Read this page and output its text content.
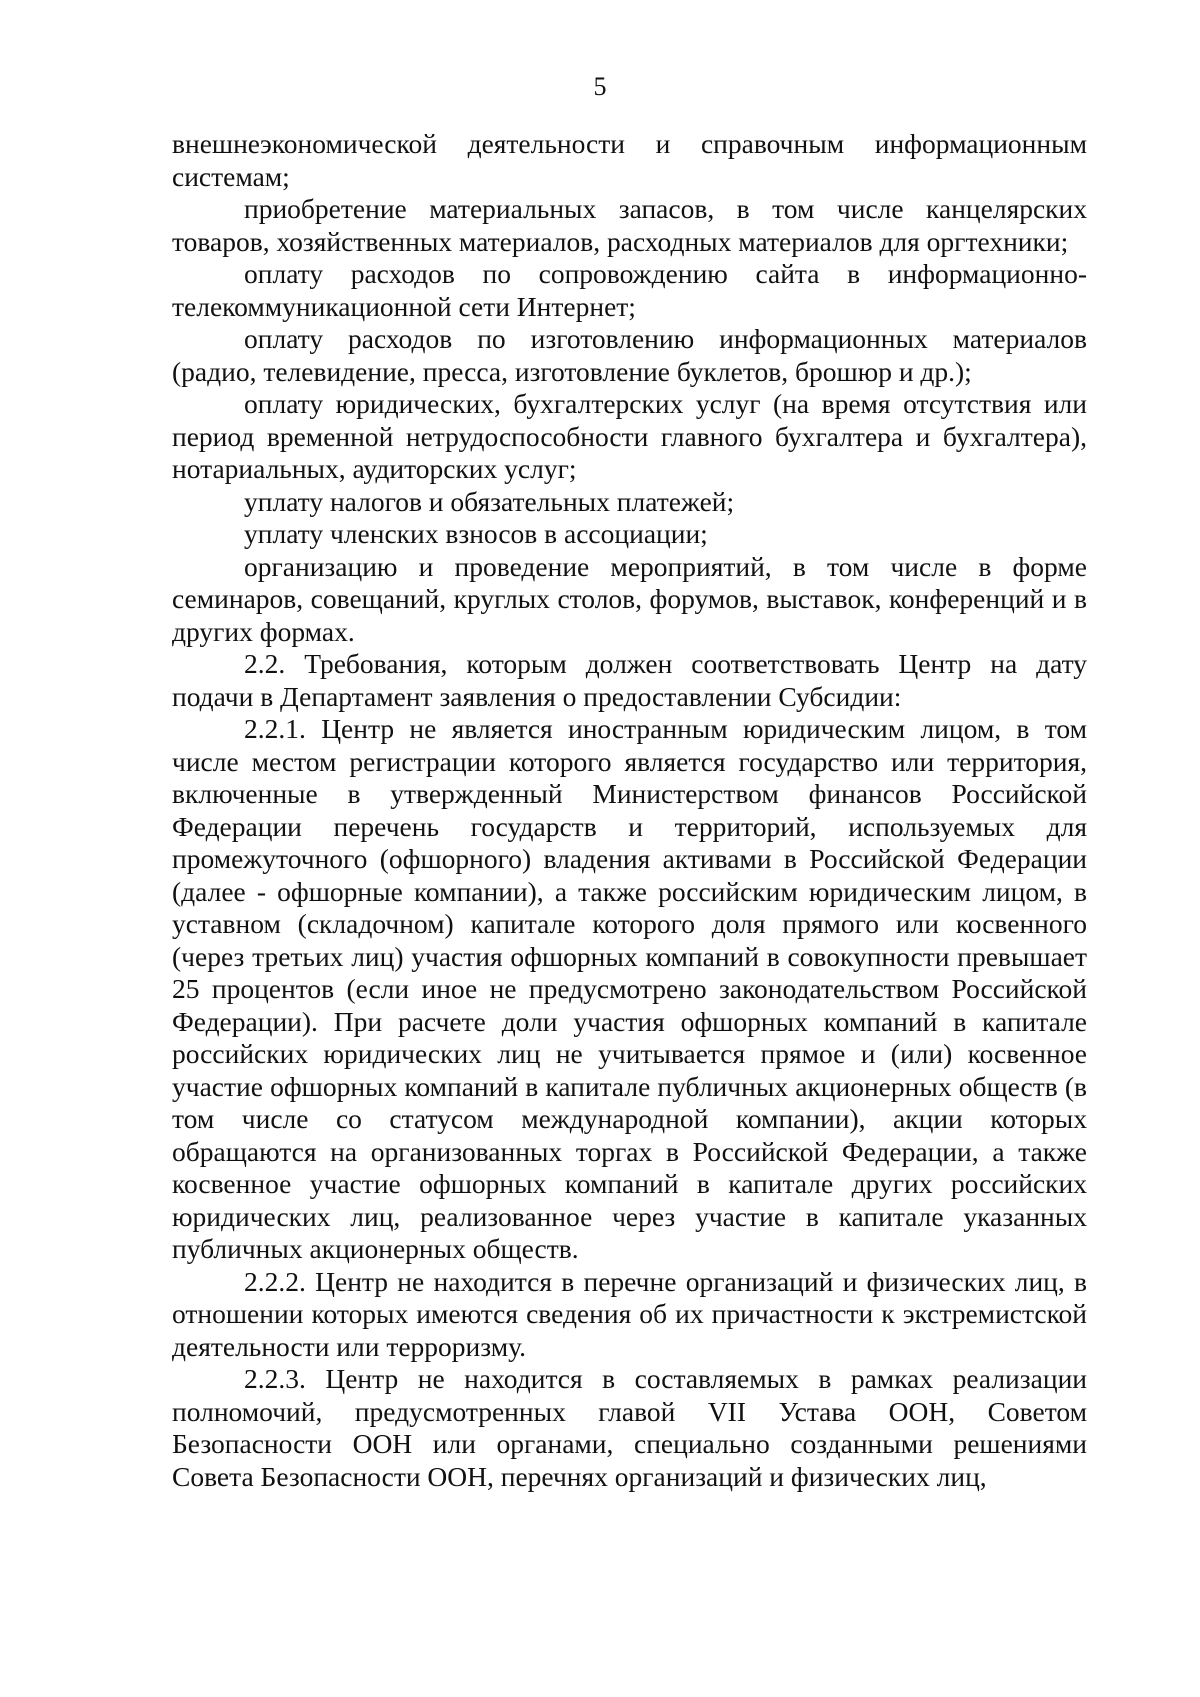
5

внешнеэкономической деятельности и справочным информационным системам;

приобретение материальных запасов, в том числе канцелярских товаров, хозяйственных материалов, расходных материалов для оргтехники;

оплату расходов по сопровождению сайта в информационно-телекоммуникационной сети Интернет;

оплату расходов по изготовлению информационных материалов (радио, телевидение, пресса, изготовление буклетов, брошюр и др.);

оплату юридических, бухгалтерских услуг (на время отсутствия или период временной нетрудоспособности главного бухгалтера и бухгалтера), нотариальных, аудиторских услуг;

уплату налогов и обязательных платежей;

уплату членских взносов в ассоциации;

организацию и проведение мероприятий, в том числе в форме семинаров, совещаний, круглых столов, форумов, выставок, конференций и в других формах.

2.2. Требования, которым должен соответствовать Центр на дату подачи в Департамент заявления о предоставлении Субсидии:

2.2.1. Центр не является иностранным юридическим лицом, в том числе местом регистрации которого является государство или территория, включенные в утвержденный Министерством финансов Российской Федерации перечень государств и территорий, используемых для промежуточного (офшорного) владения активами в Российской Федерации (далее - офшорные компании), а также российским юридическим лицом, в уставном (складочном) капитале которого доля прямого или косвенного (через третьих лиц) участия офшорных компаний в совокупности превышает 25 процентов (если иное не предусмотрено законодательством Российской Федерации). При расчете доли участия офшорных компаний в капитале российских юридических лиц не учитывается прямое и (или) косвенное участие офшорных компаний в капитале публичных акционерных обществ (в том числе со статусом международной компании), акции которых обращаются на организованных торгах в Российской Федерации, а также косвенное участие офшорных компаний в капитале других российских юридических лиц, реализованное через участие в капитале указанных публичных акционерных обществ.

2.2.2. Центр не находится в перечне организаций и физических лиц, в отношении которых имеются сведения об их причастности к экстремистской деятельности или терроризму.

2.2.3. Центр не находится в составляемых в рамках реализации полномочий, предусмотренных главой VII Устава ООН, Советом Безопасности ООН или органами, специально созданными решениями Совета Безопасности ООН, перечнях организаций и физических лиц,
